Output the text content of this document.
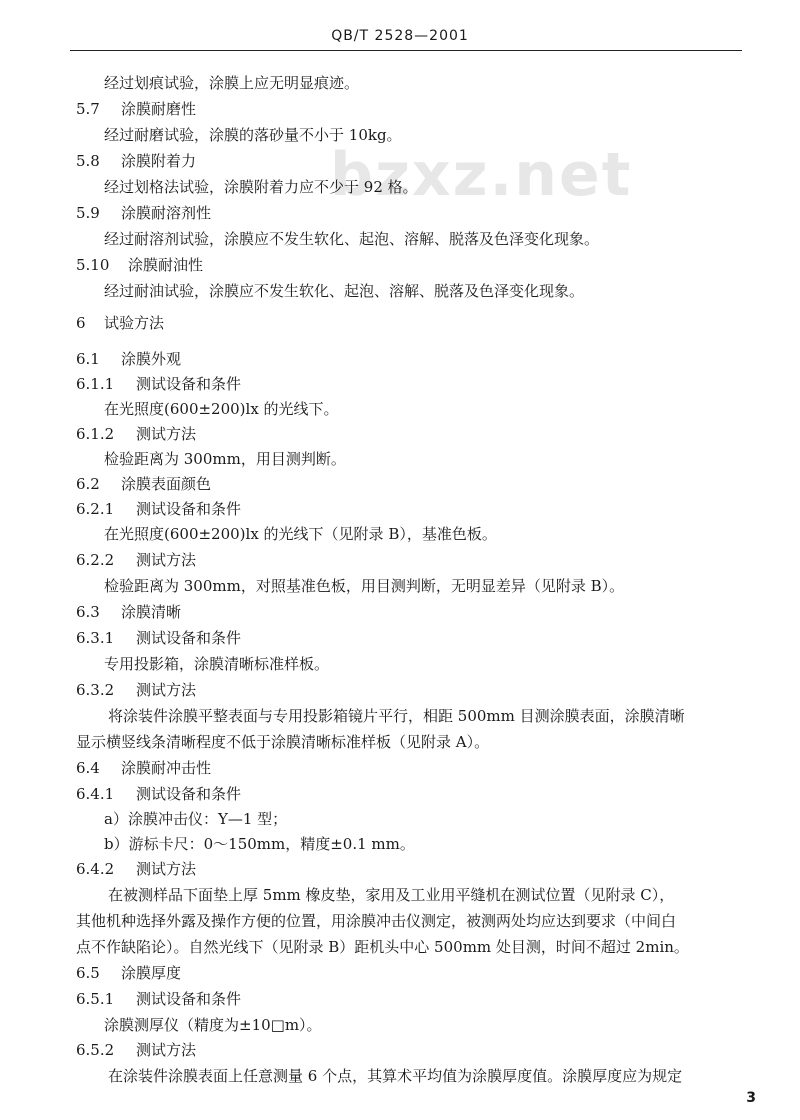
QB/T 2528—2001
bzxz.net
经过划痕试验，涂膜上应无明显痕迹。
5.7 涂膜耐磨性
经过耐磨试验，涂膜的落砂量不小于 10kg。
5.8 涂膜附着力
经过划格法试验，涂膜附着力应不少于 92 格。
5.9 涂膜耐溶剂性
经过耐溶剂试验，涂膜应不发生软化、起泡、溶解、脱落及色泽变化现象。
5.10 涂膜耐油性
经过耐油试验，涂膜应不发生软化、起泡、溶解、脱落及色泽变化现象。
6 试验方法
6.1 涂膜外观
6.1.1 测试设备和条件
在光照度(600±200)lx 的光线下。
6.1.2 测试方法
检验距离为 300mm，用目测判断。
6.2 涂膜表面颜色
6.2.1 测试设备和条件
在光照度(600±200)lx 的光线下（见附录 B），基准色板。
6.2.2 测试方法
检验距离为 300mm，对照基准色板，用目测判断，无明显差异（见附录 B）。
6.3 涂膜清晰
6.3.1 测试设备和条件
专用投影箱，涂膜清晰标准样板。
6.3.2 测试方法
将涂装件涂膜平整表面与专用投影箱镜片平行，相距 500mm 目测涂膜表面，涂膜清晰
显示横竖线条清晰程度不低于涂膜清晰标准样板（见附录 A）。
6.4 涂膜耐冲击性
6.4.1 测试设备和条件
a）涂膜冲击仪：Y—1 型；
b）游标卡尺：0～150mm，精度±0.1 mm。
6.4.2 测试方法
在被测样品下面垫上厚 5mm 橡皮垫，家用及工业用平缝机在测试位置（见附录 C），
其他机种选择外露及操作方便的位置，用涂膜冲击仪测定，被测两处均应达到要求（中间白
点不作缺陷论）。自然光线下（见附录 B）距机头中心 500mm 处目测，时间不超过 2min。
6.5 涂膜厚度
6.5.1 测试设备和条件
涂膜测厚仪（精度为±10□m）。
6.5.2 测试方法
在涂装件涂膜表面上任意测量 6 个点，其算术平均值为涂膜厚度值。涂膜厚度应为规定
3
